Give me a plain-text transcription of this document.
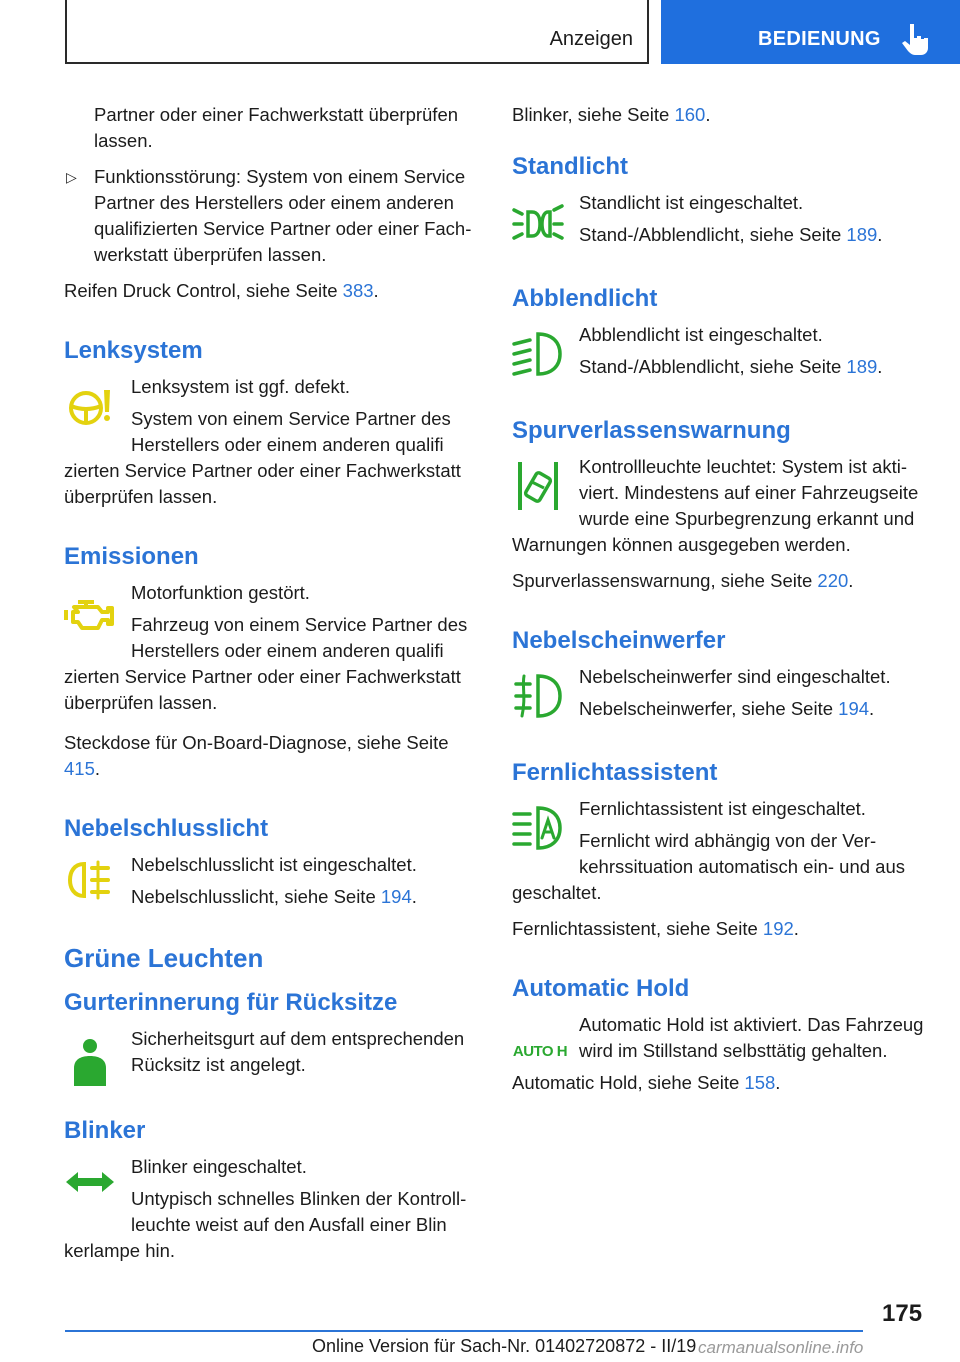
Anzeigen	BEDIENUNG

Partner oder einer Fachwerkstatt überprüfen lassen.

▷ Funktionsstörung: System von einem Service Partner des Herstellers oder einem anderen qualifizierten Service Partner oder einer Fachwerkstatt überprüfen lassen.

Reifen Druck Control, siehe Seite 383.

Lenksystem

Lenksystem ist ggf. defekt.

System von einem Service Partner des Herstellers oder einem anderen qualifi

zierten Service Partner oder einer Fachwerkstatt überprüfen lassen.

Emissionen

Motorfunktion gestört.

Fahrzeug von einem Service Partner des Herstellers oder einem anderen qualifi

zierten Service Partner oder einer Fachwerkstatt überprüfen lassen.

Steckdose für On-Board-Diagnose, siehe Seite 415.

Nebelschlusslicht

Nebelschlusslicht ist eingeschaltet.

Nebelschlusslicht, siehe Seite 194.

Grüne Leuchten
Gurterinnerung für Rücksitze

Sicherheitsgurt auf dem entsprechenden Rücksitz ist angelegt.

Blinker

Blinker eingeschaltet.

Untypisch schnelles Blinken der Kontrollleuchte weist auf den Ausfall einer Blin

kerlampe hin.

Blinker, siehe Seite 160.

Standlicht

Standlicht ist eingeschaltet.

Stand-/Abblendlicht, siehe Seite 189.

Abblendlicht

Abblendlicht ist eingeschaltet.

Stand-/Abblendlicht, siehe Seite 189.

Spurverlassenswarnung

Kontrollleuchte leuchtet: System ist aktiviert. Mindestens auf einer Fahrzeugseite wurde eine Spurbegrenzung erkannt und

Warnungen können ausgegeben werden.

Spurverlassenswarnung, siehe Seite 220.

Nebelscheinwerfer

Nebelscheinwerfer sind eingeschaltet.

Nebelscheinwerfer, siehe Seite 194.

Fernlichtassistent

Fernlichtassistent ist eingeschaltet.

Fernlicht wird abhängig von der Verkehrssituation automatisch ein- und aus

geschaltet.

Fernlichtassistent, siehe Seite 192.

Automatic Hold
AUTO H

Automatic Hold ist aktiviert. Das Fahrzeug wird im Stillstand selbsttätig gehalten.

Automatic Hold, siehe Seite 158.

175
Online Version für Sach-Nr. 01402720872 - II/19 carmanualsonline.info
